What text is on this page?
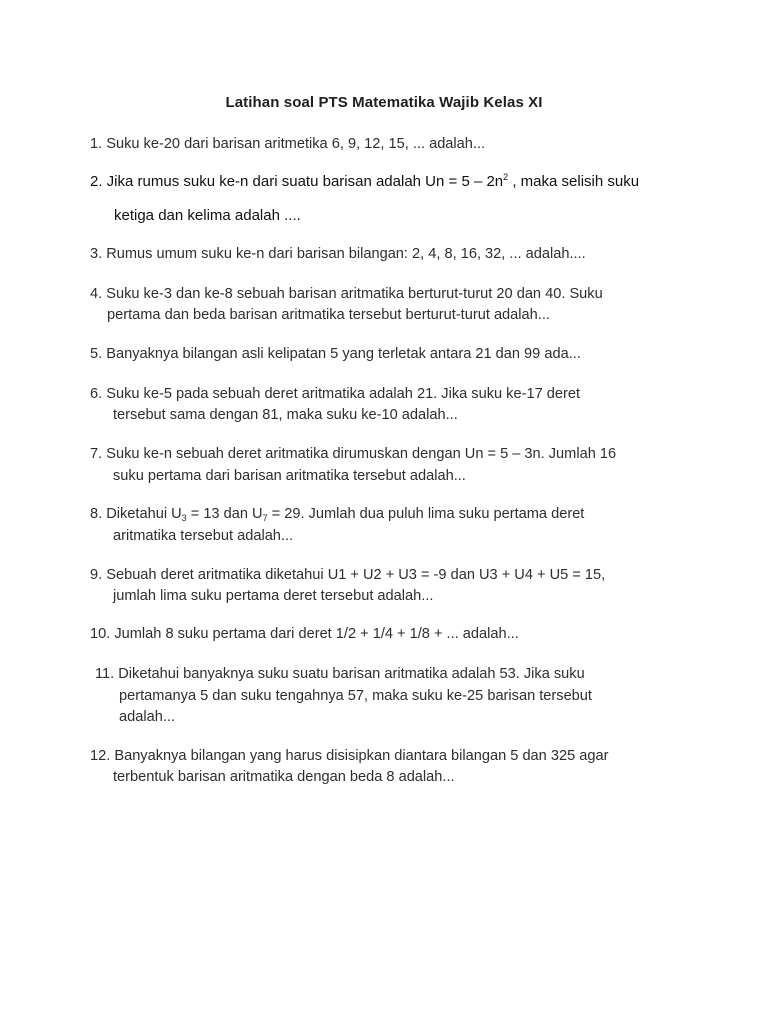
Latihan soal PTS Matematika Wajib Kelas XI
1. Suku ke-20 dari barisan aritmetika 6, 9, 12, 15, ... adalah...
2. Jika rumus suku ke-n dari suatu barisan adalah $Un = 5 - 2n^2$ , maka selisih suku
ketiga dan kelima adalah ....
3. Rumus umum suku ke-n dari barisan bilangan: 2, 4, 8, 16, 32, ... adalah....
4. Suku ke-3 dan ke-8 sebuah barisan aritmatika berturut-turut 20 dan 40. Suku
pertama dan beda barisan aritmatika tersebut berturut-turut adalah...
5. Banyaknya bilangan asli kelipatan 5 yang terletak antara 21 dan 99 ada...
6. Suku ke-5 pada sebuah deret aritmatika adalah 21. Jika suku ke-17 deret
tersebut sama dengan 81, maka suku ke-10 adalah...
7. Suku ke-n sebuah deret aritmatika dirumuskan dengan Un = 5 – 3n. Jumlah 16
suku pertama dari barisan aritmatika tersebut adalah...
8. Diketahui $U_3 = 13$ dan $U_7 = 29$. Jumlah dua puluh lima suku pertama deret
aritmatika tersebut adalah...
9. Sebuah deret aritmatika diketahui U1 + U2 + U3 = -9 dan U3 + U4 + U5 = 15,
jumlah lima suku pertama deret tersebut adalah...
10. Jumlah 8 suku pertama dari deret 1/2 + 1/4 + 1/8 + ... adalah...
11. Diketahui banyaknya suku suatu barisan aritmatika adalah 53. Jika suku
pertamanya 5 dan suku tengahnya 57, maka suku ke-25 barisan tersebut
adalah...
12. Banyaknya bilangan yang harus disisipkan diantara bilangan 5 dan 325 agar
terbentuk barisan aritmatika dengan beda 8 adalah...
